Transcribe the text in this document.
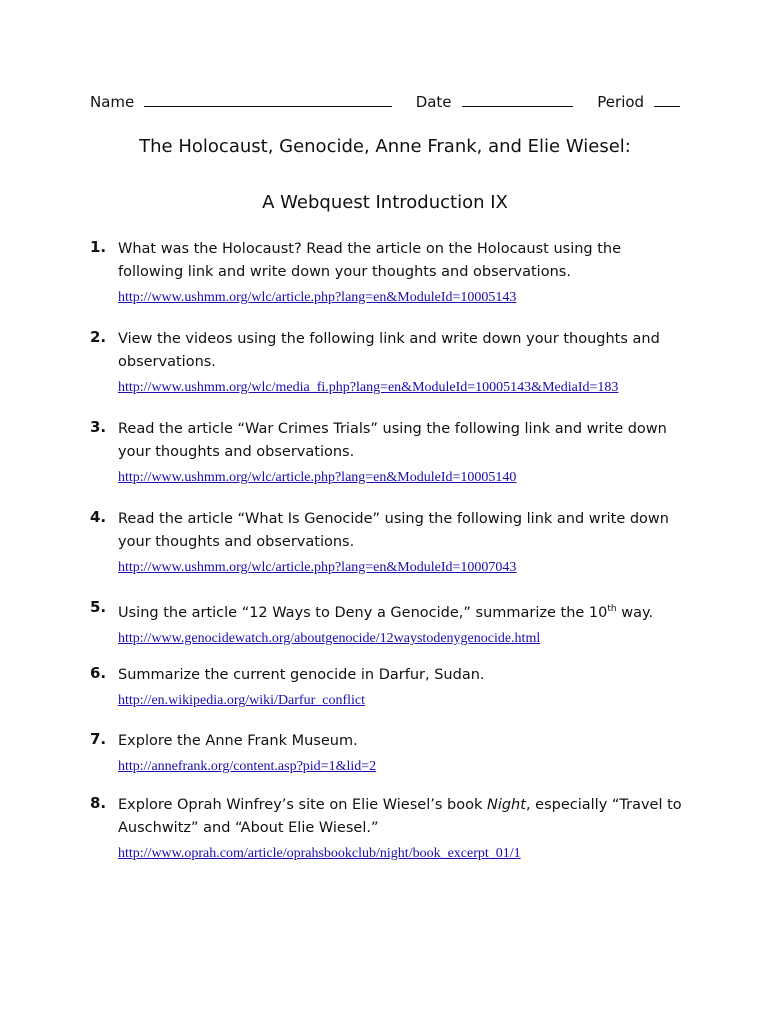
Name	Date	Period
The Holocaust, Genocide, Anne Frank, and Elie Wiesel:
A Webquest Introduction IX
1. What was the Holocaust? Read the article on the Holocaust using the following link and write down your thoughts and observations.
http://www.ushmm.org/wlc/article.php?lang=en&ModuleId=10005143
2. View the videos using the following link and write down your thoughts and observations.
http://www.ushmm.org/wlc/media_fi.php?lang=en&ModuleId=10005143&MediaId=183
3. Read the article “War Crimes Trials” using the following link and write down your thoughts and observations.
http://www.ushmm.org/wlc/article.php?lang=en&ModuleId=10005140
4. Read the article “What Is Genocide” using the following link and write down your thoughts and observations.
http://www.ushmm.org/wlc/article.php?lang=en&ModuleId=10007043
5. Using the article “12 Ways to Deny a Genocide,” summarize the 10th way.
http://www.genocidewatch.org/aboutgenocide/12waystodenygenocide.html
6. Summarize the current genocide in Darfur, Sudan.
http://en.wikipedia.org/wiki/Darfur_conflict
7. Explore the Anne Frank Museum.
http://annefrank.org/content.asp?pid=1&lid=2
8. Explore Oprah Winfrey’s site on Elie Wiesel’s book Night, especially “Travel to Auschwitz” and “About Elie Wiesel.”
http://www.oprah.com/article/oprahsbookclub/night/book_excerpt_01/1
